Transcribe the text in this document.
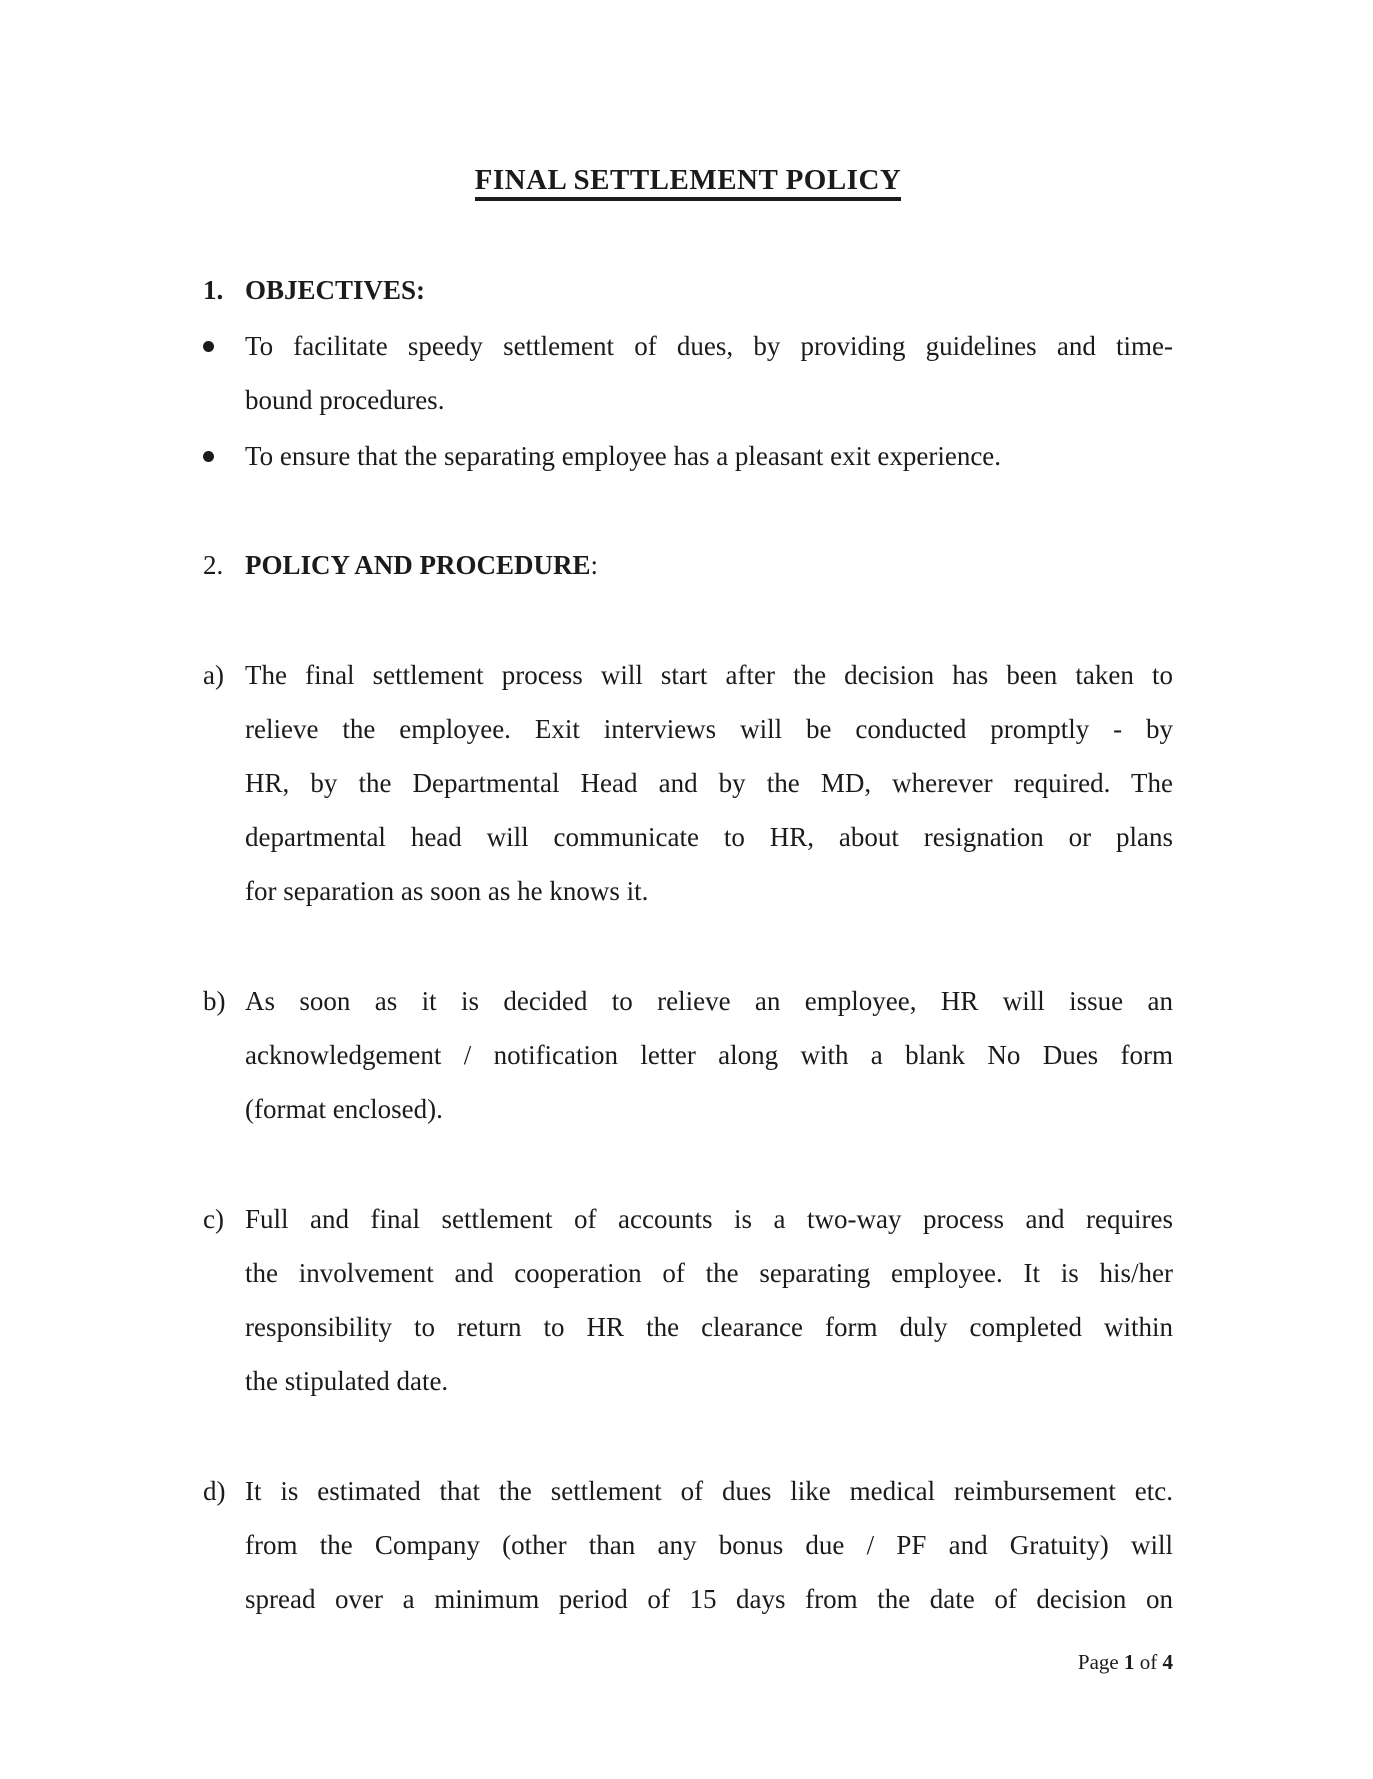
FINAL SETTLEMENT POLICY
1. OBJECTIVES:
To facilitate speedy settlement of dues, by providing guidelines and time-
bound procedures.
To ensure that the separating employee has a pleasant exit experience.
2. POLICY AND PROCEDURE:
a) The final settlement process will start after the decision has been taken to
relieve the employee. Exit interviews will be conducted promptly - by
HR, by the Departmental Head and by the MD, wherever required. The
departmental head will communicate to HR, about resignation or plans
for separation as soon as he knows it.
b) As soon as it is decided to relieve an employee, HR will issue an
acknowledgement / notification letter along with a blank No Dues form
(format enclosed).
c) Full and final settlement of accounts is a two-way process and requires
the involvement and cooperation of the separating employee. It is his/her
responsibility to return to HR the clearance form duly completed within
the stipulated date.
d) It is estimated that the settlement of dues like medical reimbursement etc.
from the Company (other than any bonus due / PF and Gratuity) will
spread over a minimum period of 15 days from the date of decision on
Page 1 of 4
